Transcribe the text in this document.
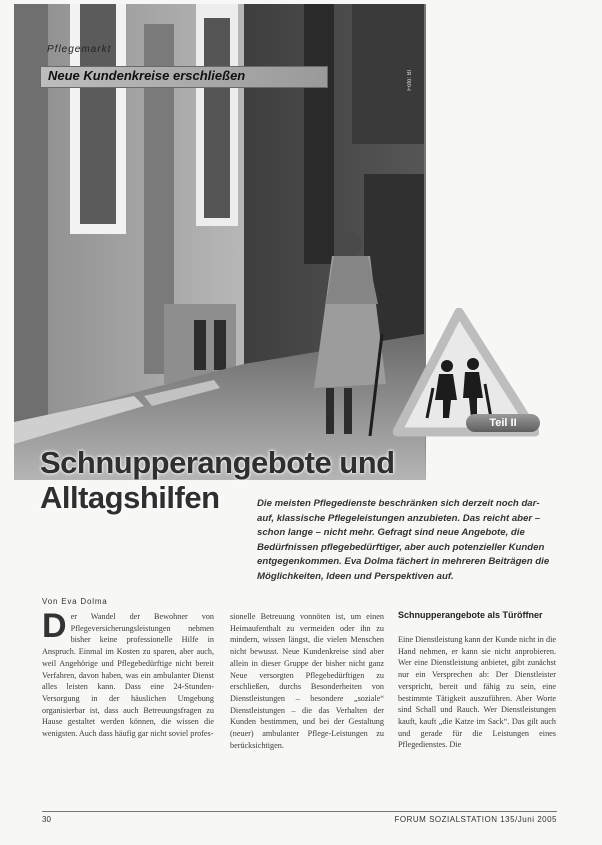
Pflegemarkt
Neue Kundenkreise erschließen	Foto: Bl
Teil II
Schnupperangebote und
Alltagshilfen	Die meisten Pflegedienste beschränken sich derzeit noch dar- auf, klassische Pflegeleistungen anzubieten. Das reicht aber – schon lange – nicht mehr. Gefragt sind neue Angebote, die Bedürfnissen pflegebedürftiger, aber auch potenzieller Kunden entgegenkommen. Eva Dolma fächert in mehreren Beiträgen die Möglichkeiten, Ideen und Perspektiven auf.
Von Eva Dolma
D er Wandel der Bewohner von Pflegeversicherungsleistungen nehmen bisher keine professionelle Hilfe in Anspruch. Einmal im Kosten zu sparen, aber auch, weil Angehörige und Pflegebedürftige nicht bereit Verfahren, davon haben, was ein ambulanter Dienst alles leisten kann. Dass eine 24-Stunden-Versorgung in der häuslichen Umgebung organisierbar ist, dass auch Betreuungsfragen zu Hause gestaltet werden können, die wissen die wenigsten. Auch dass häufig gar nicht soviel profes-
sionelle Betreuung vonnöten ist, um einen Heimaufenthalt zu vermeiden oder ihn zu mindern, wissen längst, die vielen Menschen nicht bewusst. Neue Kundenkreise sind aber allein in dieser Gruppe der bisher nicht ganz Neue versorgten Pflegebedürftigen zu erschließen, durchs Besonderheiten von Dienstleistungen – besondere „soziale“ Dienstleistungen – die das Verhalten der Kunden bestimmen, und bei der Gestaltung (neuer) ambulanter Pflege-Leistungen zu berücksichtigen.
Schnupperangebote als Türöffner
Eine Dienstleistung kann der Kunde nicht in die Hand nehmen, er kann sie nicht anprobieren. Wer eine Dienstleistung anbietet, gibt zunächst nur ein Versprechen ab: Der Dienstleister verspricht, bereit und fähig zu sein, eine bestimmte Tätigkeit auszuführen. Aber Worte sind Schall und Rauch. Wer Dienstleistungen kauft, kauft „die Katze im Sack“. Das gilt auch und gerade für die Leistungen eines Pflegedienstes. Die
30	FORUM SOZIALSTATION 135/Juni 2005
